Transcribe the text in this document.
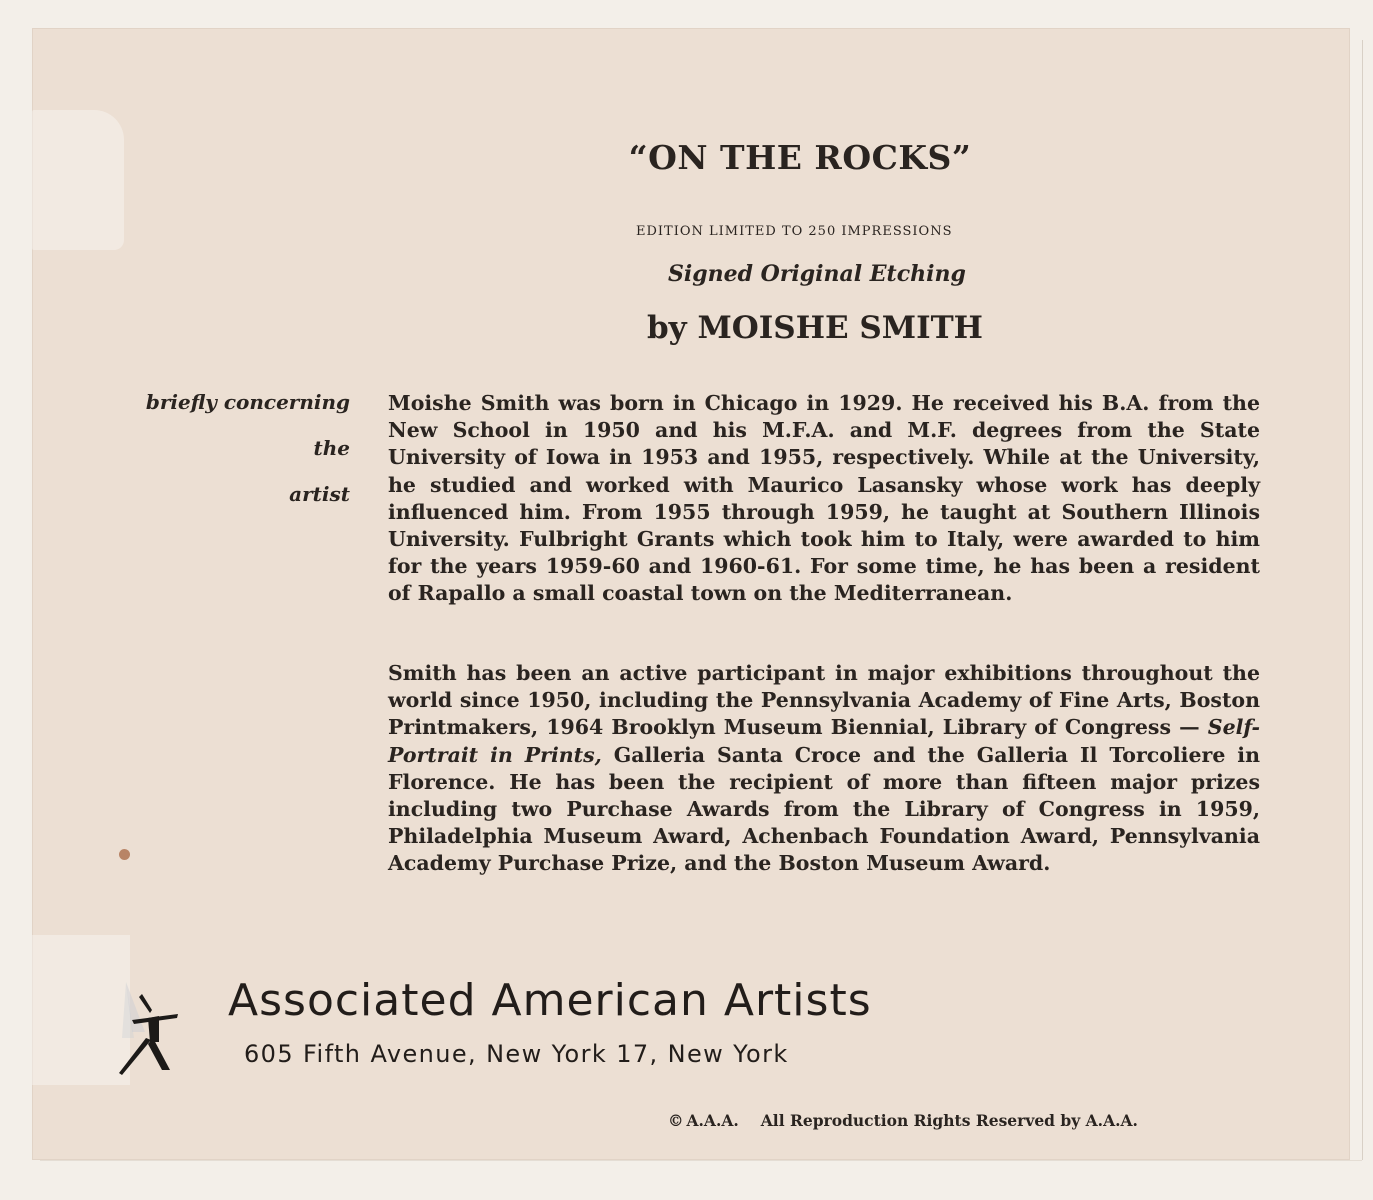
“ON THE ROCKS”
EDITION LIMITED TO 250 IMPRESSIONS
Signed Original Etching
by MOISHE SMITH
briefly concerning
the
artist

Moishe Smith was born in Chicago in 1929. He received his B.A. from the New School in 1950 and his M.F.A. and M.F. degrees from the State University of Iowa in 1953 and 1955, respectively. While at the University, he studied and worked with Maurico Lasansky whose work has deeply influenced him. From 1955 through 1959, he taught at Southern Illinois University. Fulbright Grants which took him to Italy, were awarded to him for the years 1959-60 and 1960-61. For some time, he has been a resident of Rapallo a small coastal town on the Mediterranean.

Smith has been an active participant in major exhibitions throughout the world since 1950, including the Pennsylvania Academy of Fine Arts, Boston Printmakers, 1964 Brooklyn Museum Biennial, Library of Congress — Self-Portrait in Prints, Galleria Santa Croce and the Galleria Il Torcoliere in Florence. He has been the recipient of more than fifteen major prizes including two Purchase Awards from the Library of Congress in 1959, Philadelphia Museum Award, Achenbach Foundation Award, Pennsylvania Academy Purchase Prize, and the Boston Museum Award.

Associated American Artists
605 Fifth Avenue, New York 17, New York
© A.A.A. All Reproduction Rights Reserved by A.A.A.
